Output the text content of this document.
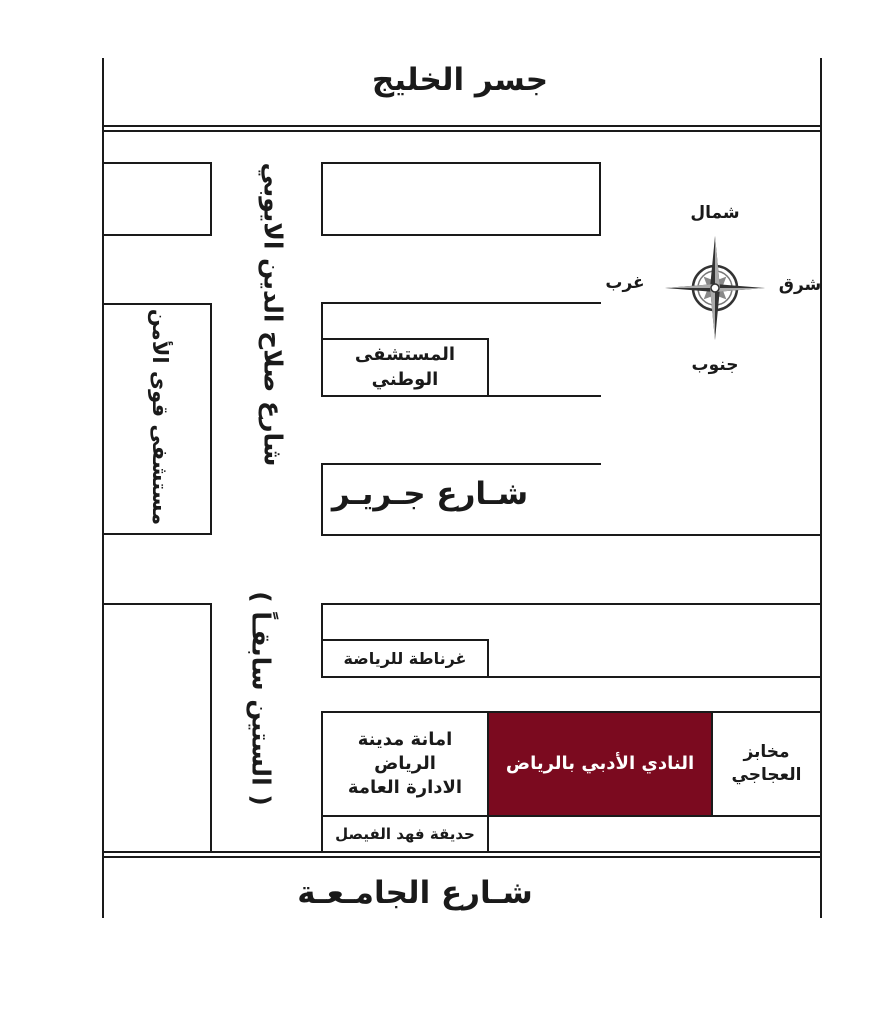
جسر الخليج
مستشفى قوى الأمن	شارع صلاح الدين الايوبي
( الستين سابقـاً )
المستشفى الوطني
شـارع جـريـر
شمال
جنوب
شرق
غرب
غرناطة للرياضة
امانة مدينة
الرياض
الادارة العامة
النادي الأدبي بالرياض
مخابز
العجاجي
حديقة فهد الفيصل
شـارع الجامـعـة
